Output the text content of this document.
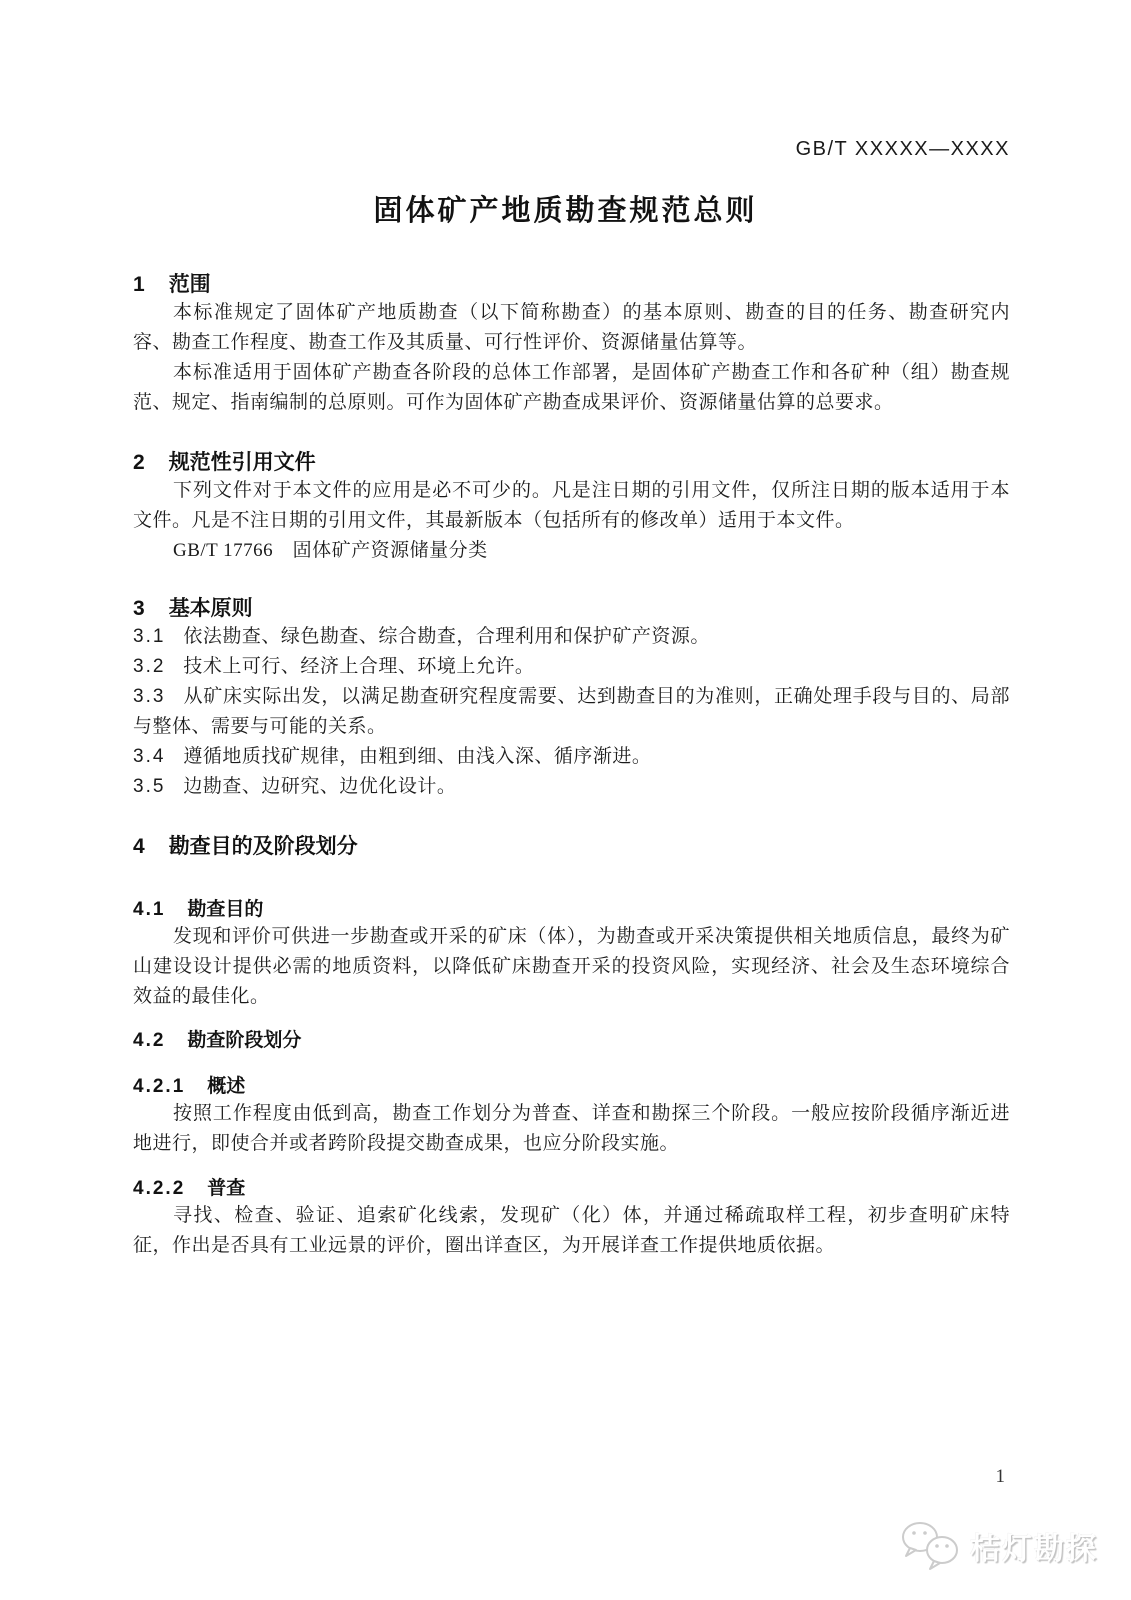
GB/T XXXXX—XXXX
固体矿产地质勘查规范总则
1 范围

本标准规定了固体矿产地质勘查（以下简称勘查）的基本原则、勘查的目的任务、勘查研究内容、勘查工作程度、勘查工作及其质量、可行性评价、资源储量估算等。

本标准适用于固体矿产勘查各阶段的总体工作部署，是固体矿产勘查工作和各矿种（组）勘查规范、规定、指南编制的总原则。可作为固体矿产勘查成果评价、资源储量估算的总要求。

2 规范性引用文件

下列文件对于本文件的应用是必不可少的。凡是注日期的引用文件，仅所注日期的版本适用于本文件。凡是不注日期的引用文件，其最新版本（包括所有的修改单）适用于本文件。

GB/T 17766　固体矿产资源储量分类

3 基本原则

3.1 依法勘查、绿色勘查、综合勘查，合理利用和保护矿产资源。

3.2 技术上可行、经济上合理、环境上允许。

3.3 从矿床实际出发，以满足勘查研究程度需要、达到勘查目的为准则，正确处理手段与目的、局部与整体、需要与可能的关系。

3.4 遵循地质找矿规律，由粗到细、由浅入深、循序渐进。

3.5 边勘查、边研究、边优化设计。

4 勘查目的及阶段划分
4.1 勘查目的

发现和评价可供进一步勘查或开采的矿床（体），为勘查或开采决策提供相关地质信息，最终为矿山建设设计提供必需的地质资料，以降低矿床勘查开采的投资风险，实现经济、社会及生态环境综合效益的最佳化。

4.2 勘查阶段划分
4.2.1 概述

按照工作程度由低到高，勘查工作划分为普查、详查和勘探三个阶段。一般应按阶段循序渐近进地进行，即使合并或者跨阶段提交勘查成果，也应分阶段实施。

4.2.2 普查

寻找、检查、验证、追索矿化线索，发现矿（化）体，并通过稀疏取样工程，初步查明矿床特征，作出是否具有工业远景的评价，圈出详查区，为开展详查工作提供地质依据。

1
桔灯勘探
